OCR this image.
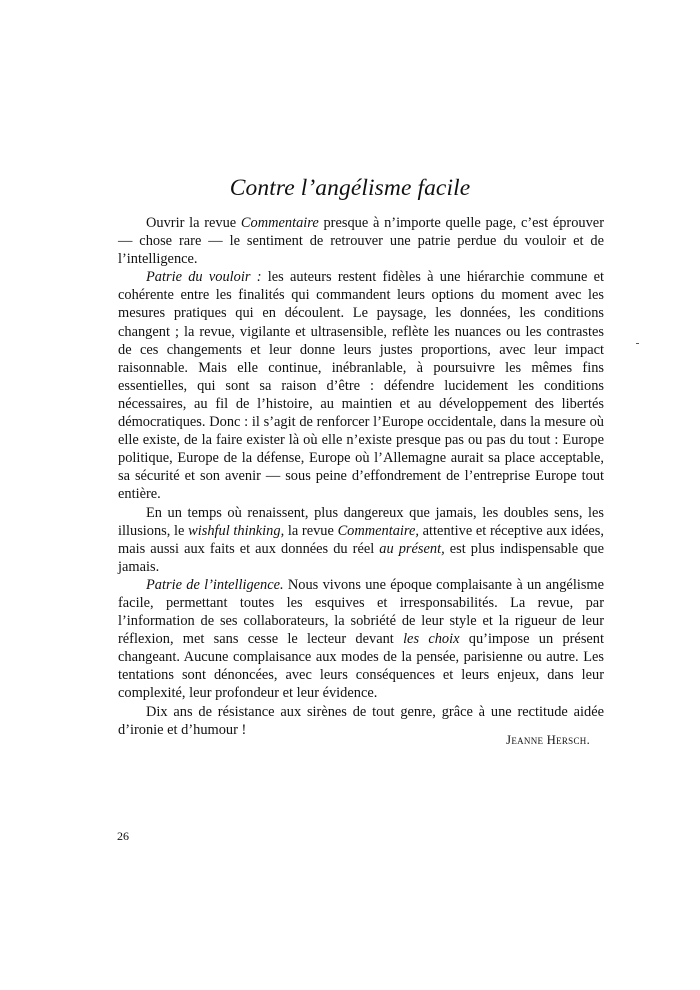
Contre l’angélisme facile

Ouvrir la revue Commentaire presque à n’importe quelle page, c’est éprouver — chose rare — le sentiment de retrouver une patrie perdue du vouloir et de l’intelligence.

Patrie du vouloir : les auteurs restent fidèles à une hiérarchie commune et cohérente entre les finalités qui commandent leurs options du moment avec les mesures pratiques qui en découlent. Le paysage, les données, les conditions changent ; la revue, vigilante et ultrasensible, reflète les nuances ou les contrastes de ces changements et leur donne leurs justes proportions, avec leur impact raisonnable. Mais elle continue, inébranlable, à poursuivre les mêmes fins essentielles, qui sont sa raison d’être : défendre lucidement les conditions nécessaires, au fil de l’histoire, au maintien et au développement des libertés démocratiques. Donc : il s’agit de renforcer l’Europe occidentale, dans la mesure où elle existe, de la faire exister là où elle n’existe presque pas ou pas du tout : Europe politique, Europe de la défense, Europe où l’Allemagne aurait sa place acceptable, sa sécurité et son avenir — sous peine d’effondrement de l’entreprise Europe tout entière.

En un temps où renaissent, plus dangereux que jamais, les doubles sens, les illusions, le wishful thinking, la revue Commentaire, attentive et réceptive aux idées, mais aussi aux faits et aux données du réel au présent, est plus indispensable que jamais.

Patrie de l’intelligence. Nous vivons une époque complaisante à un angélisme facile, permettant toutes les esquives et irresponsabilités. La revue, par l’information de ses collaborateurs, la sobriété de leur style et la rigueur de leur réflexion, met sans cesse le lecteur devant les choix qu’impose un présent changeant. Aucune complaisance aux modes de la pensée, parisienne ou autre. Les tentations sont dénoncées, avec leurs conséquences et leurs enjeux, dans leur complexité, leur profondeur et leur évidence.

Dix ans de résistance aux sirènes de tout genre, grâce à une rectitude aidée d’ironie et d’humour !

Jeanne Hersch.
26
